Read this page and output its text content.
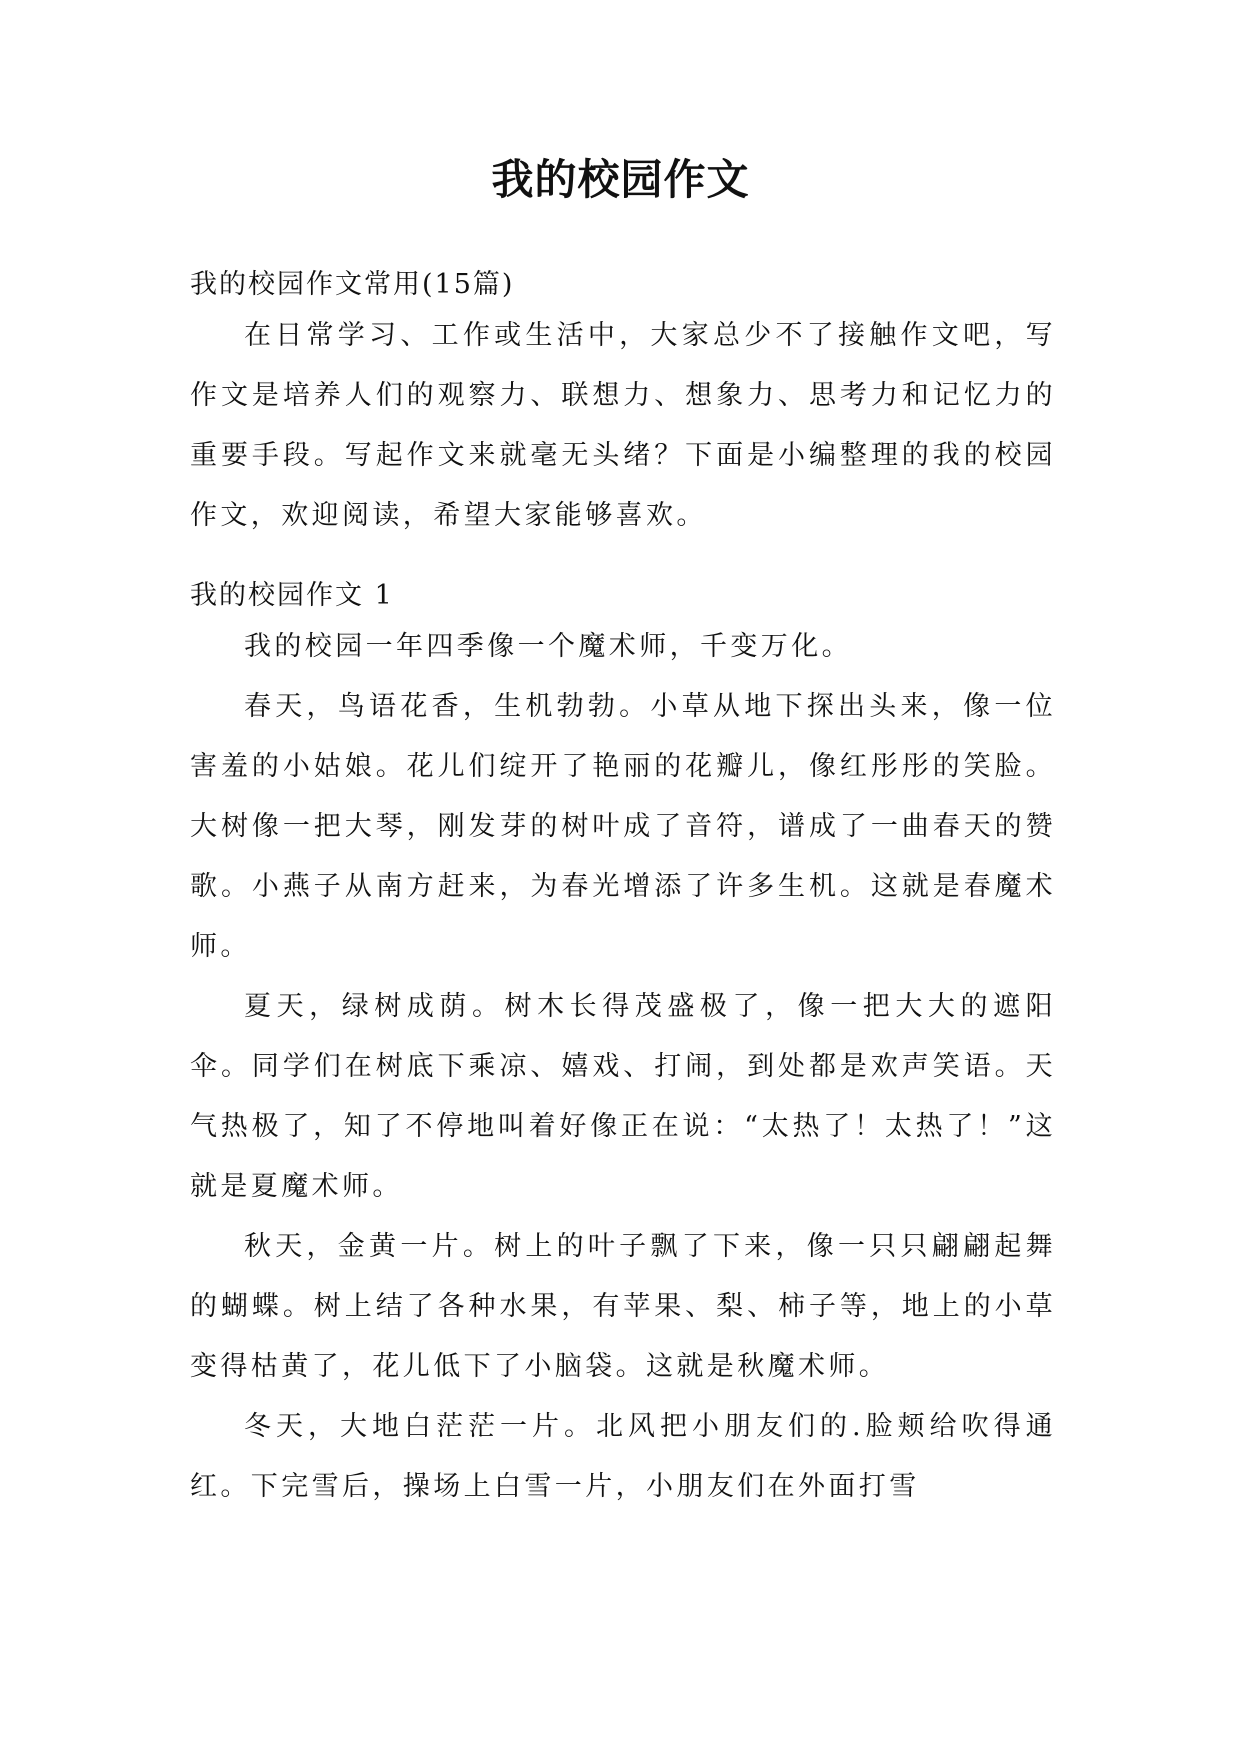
我的校园作文

我的校园作文常用(15篇)

在日常学习、工作或生活中，大家总少不了接触作文吧，写作文是培养人们的观察力、联想力、想象力、思考力和记忆力的重要手段。写起作文来就毫无头绪？下面是小编整理的我的校园作文，欢迎阅读，希望大家能够喜欢。

我的校园作文 1

我的校园一年四季像一个魔术师，千变万化。

春天，鸟语花香，生机勃勃。小草从地下探出头来，像一位害羞的小姑娘。花儿们绽开了艳丽的花瓣儿，像红彤彤的笑脸。大树像一把大琴，刚发芽的树叶成了音符，谱成了一曲春天的赞歌。小燕子从南方赶来，为春光增添了许多生机。这就是春魔术师。

夏天，绿树成荫。树木长得茂盛极了，像一把大大的遮阳伞。同学们在树底下乘凉、嬉戏、打闹，到处都是欢声笑语。天气热极了，知了不停地叫着好像正在说：“太热了！太热了！”这就是夏魔术师。

秋天，金黄一片。树上的叶子飘了下来，像一只只翩翩起舞的蝴蝶。树上结了各种水果，有苹果、梨、柿子等，地上的小草变得枯黄了，花儿低下了小脑袋。这就是秋魔术师。

冬天，大地白茫茫一片。北风把小朋友们的.脸颊给吹得通红。下完雪后，操场上白雪一片，小朋友们在外面打雪
